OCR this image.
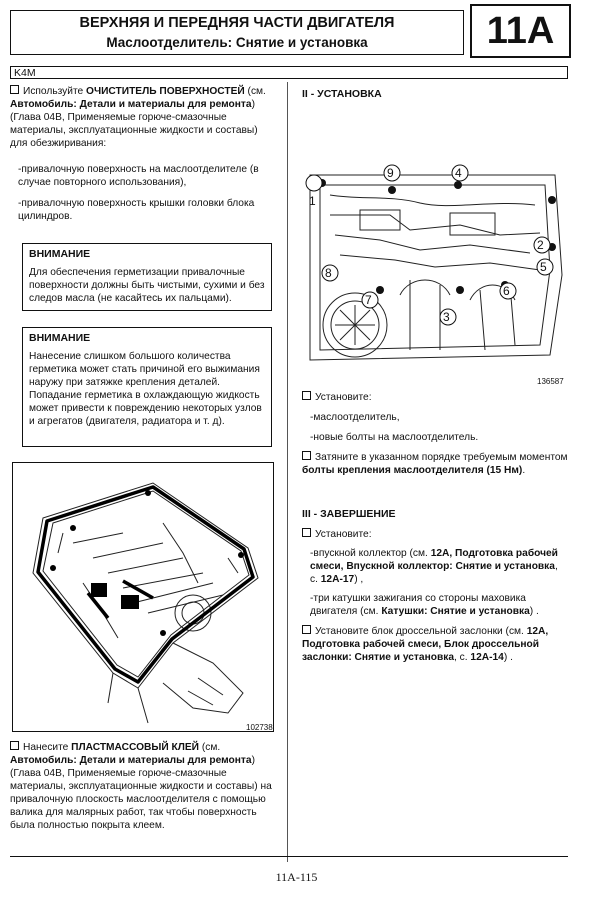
ВЕРХНЯЯ И ПЕРЕДНЯЯ ЧАСТИ ДВИГАТЕЛЯ
Маслоотделитель: Снятие и установка	11A
K4M
Используйте ОЧИСТИТЕЛЬ ПОВЕРХНОСТЕЙ (см. Автомобиль: Детали и материалы для ремонта) (Глава 04B, Применяемые горюче-смазочные материалы, эксплуатационные жидкости и составы) для обезжиривания:
-привалочную поверхность на маслоотделителе (в случае повторного использования),
-привалочную поверхность крышки головки блока цилиндров.
ВНИМАНИЕ
Для обеспечения герметизации привалочные поверхности должны быть чистыми, сухими и без следов масла (не касайтесь их пальцами).
ВНИМАНИЕ
Нанесение слишком большого количества герметика может стать причиной его выжимания наружу при затяжке крепления деталей. Попадание герметика в охлаждающую жидкость может привести к повреждению некоторых узлов и агрегатов (двигателя, радиатора и т. д).
102738
Нанесите ПЛАСТМАССОВЫЙ КЛЕЙ (см. Автомобиль: Детали и материалы для ремонта) (Глава 04B, Применяемые горюче-смазочные материалы, эксплуатационные жидкости и составы) на привалочную плоскость маслоотделителя с помощью валика для малярных работ, так чтобы поверхность была полностью покрыта клеем.
II - УСТАНОВКА
1
9	4
2
8
6
7
5
3
136587
Установите:
-маслоотделитель,
-новые болты на маслоотделитель.
Затяните в указанном порядке требуемым моментом болты крепления маслоотделителя (15 Нм).
III - ЗАВЕРШЕНИЕ
Установите:
-впускной коллектор (см. 12A, Подготовка рабочей смеси, Впускной коллектор: Снятие и установка, с. 12A-17) ,
-три катушки зажигания со стороны маховика двигателя (см. Катушки: Снятие и установка) .
Установите блок дроссельной заслонки (см. 12A, Подготовка рабочей смеси, Блок дроссельной заслонки: Снятие и установка, с. 12A-14) .
11A-115
